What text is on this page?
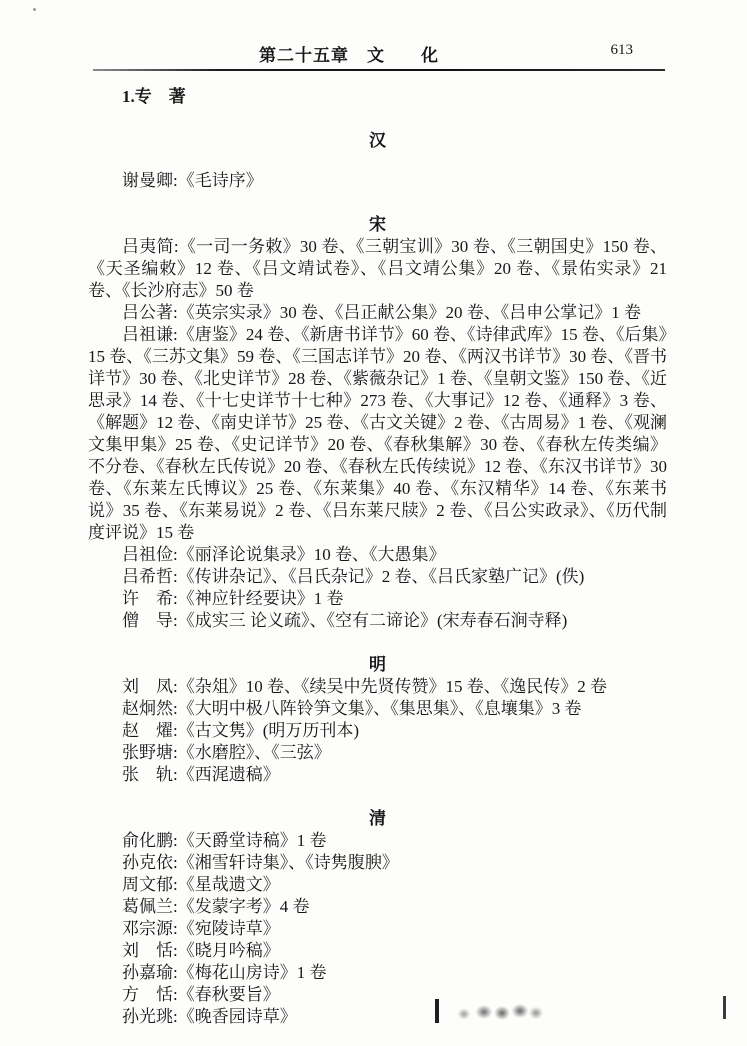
第二十五章　文　　化	613
1.专　著
汉

谢曼卿:《毛诗序》

宋

吕夷简:《一司一务敕》30 卷、《三朝宝训》30 卷、《三朝国史》150 卷、《天圣编敕》12 卷、《吕文靖试卷》、《吕文靖公集》20 卷、《景佑实录》21 卷、《长沙府志》50 卷

吕公著:《英宗实录》30 卷、《吕正献公集》20 卷、《吕申公掌记》1 卷

吕祖谦:《唐鉴》24 卷、《新唐书详节》60 卷、《诗律武库》15 卷、《后集》15 卷、《三苏文集》59 卷、《三国志详节》20 卷、《两汉书详节》30 卷、《晋书详节》30 卷、《北史详节》28 卷、《紫薇杂记》1 卷、《皇朝文鉴》150 卷、《近思录》14 卷、《十七史详节十七种》273 卷、《大事记》12 卷、《通释》3 卷、《解题》12 卷、《南史详节》25 卷、《古文关键》2 卷、《古周易》1 卷、《观澜文集甲集》25 卷、《史记详节》20 卷、《春秋集解》30 卷、《春秋左传类编》不分卷、《春秋左氏传说》20 卷、《春秋左氏传续说》12 卷、《东汉书详节》30 卷、《东莱左氏博议》25 卷、《东莱集》40 卷、《东汉精华》14 卷、《东莱书说》35 卷、《东莱易说》2 卷、《吕东莱尺牍》2 卷、《吕公实政录》、《历代制度评说》15 卷

吕祖俭:《丽泽论说集录》10 卷、《大愚集》

吕希哲:《传讲杂记》、《吕氏杂记》2 卷、《吕氏家塾广记》(佚)

许　希:《神应针经要诀》1 卷

僧　导:《成实三 论义疏》、《空有二谛论》(宋寿春石涧寺释)

明

刘　凤:《杂俎》10 卷、《续吴中先贤传赞》15 卷、《逸民传》2 卷

赵炯然:《大明中极八阵铃笋文集》、《集思集》、《息壤集》3 卷

赵　燿:《古文隽》(明万历刊本)

张野塘:《水磨腔》、《三弦》

张　轨:《西浘遗稿》

清

俞化鹏:《天爵堂诗稿》1 卷

孙克依:《湘雪轩诗集》、《诗隽腹腴》

周文郁:《星哉遗文》

葛佩兰:《发蒙字考》4 卷

邓宗源:《宛陵诗草》

刘　恬:《晓月吟稿》

孙嘉瑜:《梅花山房诗》1 卷

方　恬:《春秋要旨》

孙光珧:《晚香园诗草》
